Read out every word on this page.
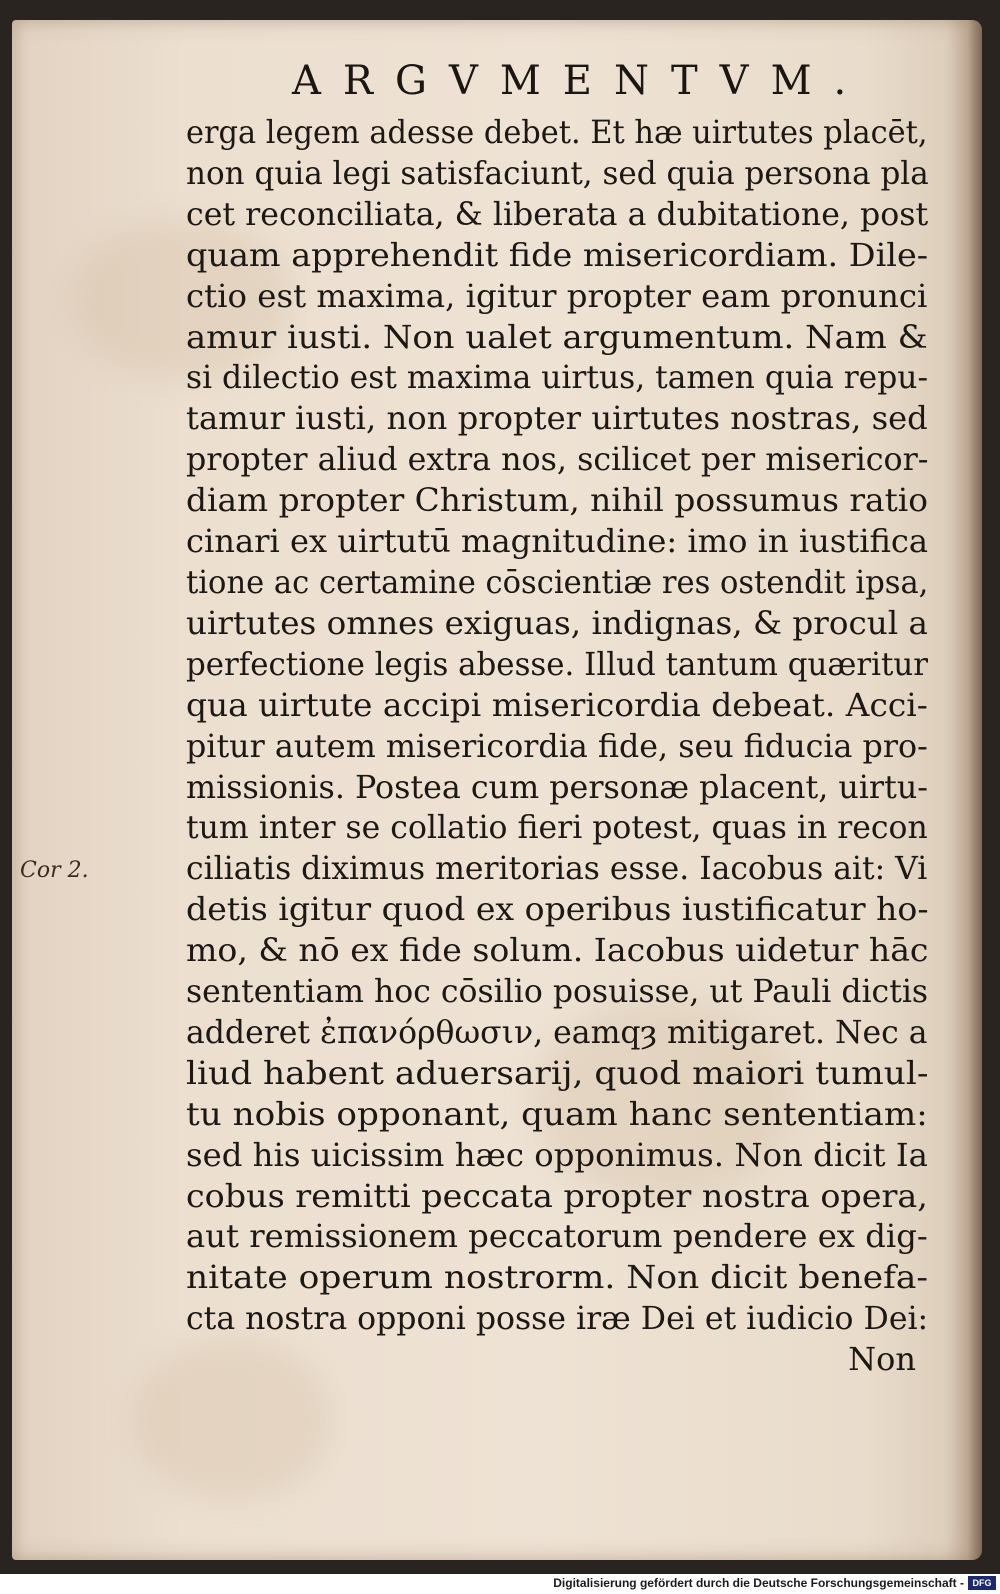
ARGVMENTVM.
Cor 2.
erga legem adesse debet. Et hæ uirtutes placēt,
non quia legi satisfaciunt, sed quia persona pla
cet reconciliata, & liberata a dubitatione, post
quam apprehendit fide misericordiam. Dile-
ctio est maxima, igitur propter eam pronunci
amur iusti. Non ualet argumentum. Nam &
si dilectio est maxima uirtus, tamen quia repu-
tamur iusti, non propter uirtutes nostras, sed
propter aliud extra nos, scilicet per misericor-
diam propter Christum, nihil possumus ratio
cinari ex uirtutū magnitudine: imo in iustifica
tione ac certamine cōscientiæ res ostendit ipsa,
uirtutes omnes exiguas, indignas, & procul a
perfectione legis abesse. Illud tantum quæritur
qua uirtute accipi misericordia debeat. Acci-
pitur autem misericordia fide, seu fiducia pro-
missionis. Postea cum personæ placent, uirtu-
tum inter se collatio fieri potest, quas in recon
ciliatis diximus meritorias esse. Iacobus ait: Vi
detis igitur quod ex operibus iustificatur ho-
mo, & nō ex fide solum. Iacobus uidetur hāc
sententiam hoc cōsilio posuisse, ut Pauli dictis
adderet ἐπανόρθωσιν, eamqȝ mitigaret. Nec a
liud habent aduersarij, quod maiori tumul-
tu nobis opponant, quam hanc sententiam:
sed his uicissim hæc opponimus. Non dicit Ia
cobus remitti peccata propter nostra opera,
aut remissionem peccatorum pendere ex dig-
nitate operum nostrorm. Non dicit benefa-
cta nostra opponi posse iræ Dei et iudicio Dei:
Non
Digitalisierung gefördert durch die Deutsche Forschungsgemeinschaft - DFG
